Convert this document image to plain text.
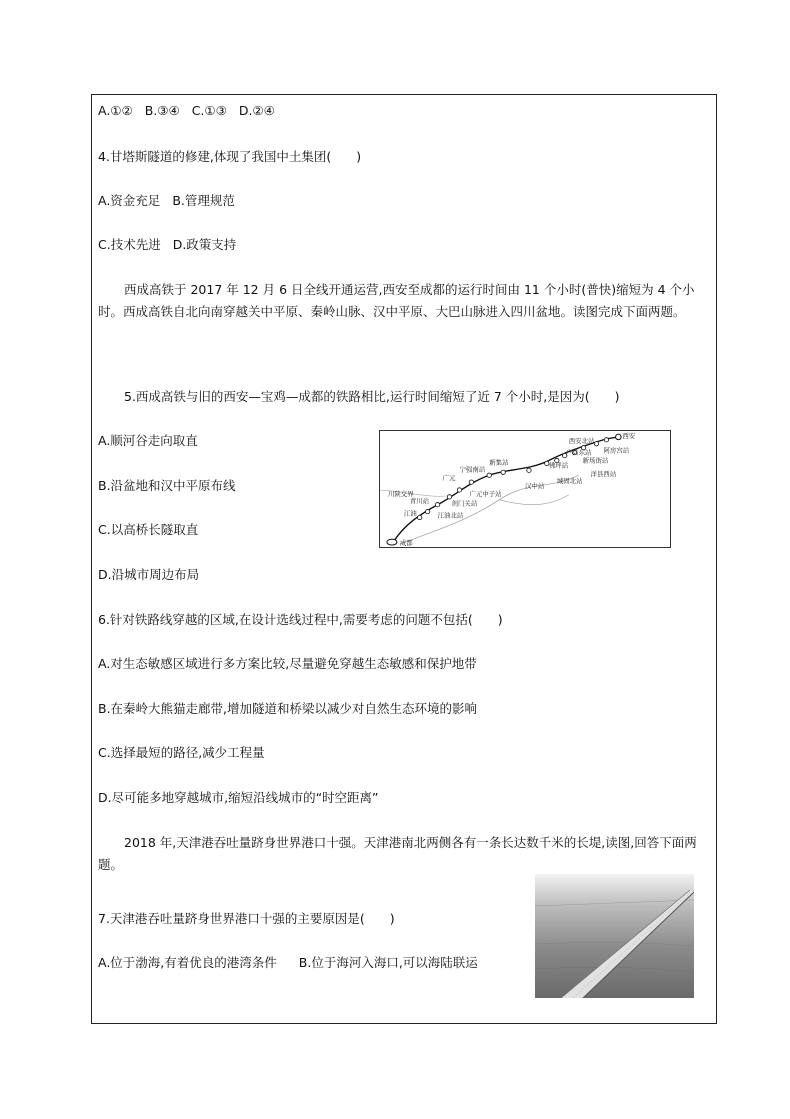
A.①② B.③④ C.①③ D.②④
4.甘塔斯隧道的修建,体现了我国中土集团(　　)
A.资金充足 B.管理规范
C.技术先进 D.政策支持
西成高铁于 2017 年 12 月 6 日全线开通运营,西安至成都的运行时间由 11 个小时(普快)缩短为 4 个小时。西成高铁自北向南穿越关中平原、秦岭山脉、汉中平原、大巴山脉进入四川盆地。读图完成下面两题。
5.西成高铁与旧的西安—宝鸡—成都的铁路相比,运行时间缩短了近 7 个小时,是因为(　　)
A.顺河谷走向取直
B.沿盆地和汉中平原布线
C.以高桥长隧取直
D.沿城市周边布局
西安
西安北站
阿房宫站
户县东站
新场街站
佛坪站
洋县西站
城固北站
汉中站
新集站
宁强南站
广元
广元中子站
川陕交界
青川站	剑门关站
江油	江油北站
成都
6.针对铁路线穿越的区域,在设计选线过程中,需要考虑的问题不包括(　　)
A.对生态敏感区域进行多方案比较,尽量避免穿越生态敏感和保护地带
B.在秦岭大熊猫走廊带,增加隧道和桥梁以减少对自然生态环境的影响
C.选择最短的路径,减少工程量
D.尽可能多地穿越城市,缩短沿线城市的“时空距离”
2018 年,天津港吞吐量跻身世界港口十强。天津港南北两侧各有一条长达数千米的长堤,读图,回答下面两题。
7.天津港吞吐量跻身世界港口十强的主要原因是(　　)
A.位于渤海,有着优良的港湾条件 B.位于海河入海口,可以海陆联运
